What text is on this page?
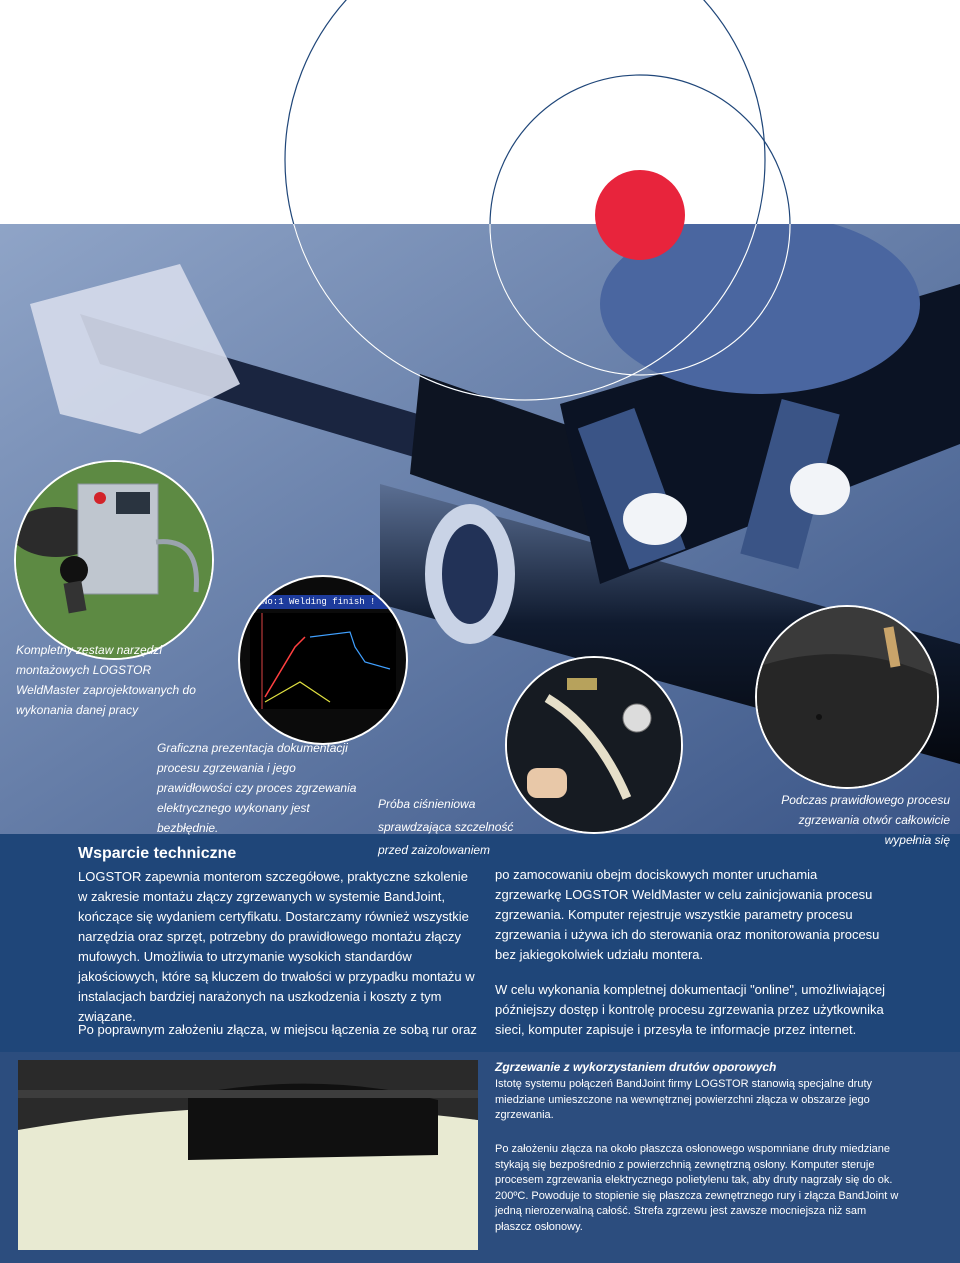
No:1 Welding finish !
Kompletny zestaw narzędzi montażowych LOGSTOR WeldMaster zaprojektowanych do wykonania danej pracy
Graficzna prezentacja dokumentacji procesu zgrzewania i jego prawidłowości czy proces zgrzewania elektrycznego wykonany jest bezbłędnie.
Próba ciśnieniowa sprawdzająca szczelność przed zaizolowaniem
Podczas prawidłowego procesu zgrzewania otwór całkowicie wypełnia się
Wsparcie techniczne
LOGSTOR zapewnia monterom szczegółowe, praktyczne szkolenie w zakresie montażu złączy zgrzewanych w systemie BandJoint, kończące się wydaniem certyfikatu. Dostarczamy również wszystkie narzędzia oraz sprzęt, potrzebny do prawidłowego montażu złączy mufowych. Umożliwia to utrzymanie wysokich standardów jakościowych, które są kluczem do trwałości w przypadku montażu w instalacjach bardziej narażonych na uszkodzenia i koszty z tym związane.
Po poprawnym założeniu złącza, w miejscu łączenia ze sobą rur oraz
po zamocowaniu obejm dociskowych monter uruchamia zgrzewarkę LOGSTOR WeldMaster w celu zainicjowania procesu zgrzewania. Komputer rejestruje wszystkie parametry procesu zgrzewania i używa ich do sterowania oraz monitorowania procesu bez jakiegokolwiek udziału montera.
W celu wykonania kompletnej dokumentacji "online", umożliwiającej późniejszy dostęp i kontrolę procesu zgrzewania przez użytkownika sieci, komputer zapisuje i przesyła te informacje przez internet.
Zgrzewanie z wykorzystaniem drutów oporowych
Istotę systemu połączeń BandJoint firmy LOGSTOR stanowią specjalne druty miedziane umieszczone na wewnętrznej powierzchni złącza w obszarze jego zgrzewania.
Po założeniu złącza na około płaszcza osłonowego wspomniane druty miedziane stykają się bezpośrednio z powierzchnią zewnętrzną osłony. Komputer steruje procesem zgrzewania elektrycznego polietylenu tak, aby druty nagrzały się do ok. 200ºC. Powoduje to stopienie się płaszcza zewnętrznego rury i złącza BandJoint w jedną nierozerwalną całość. Strefa zgrzewu jest zawsze mocniejsza niż sam płaszcz osłonowy.
